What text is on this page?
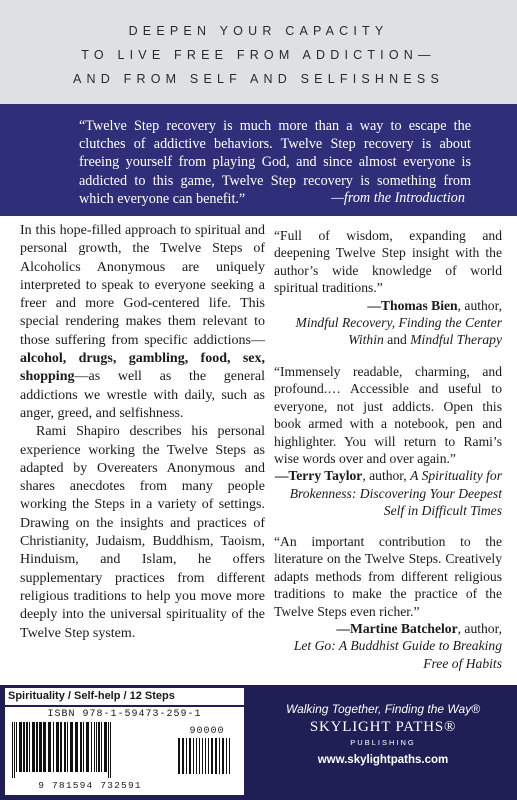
DEEPEN YOUR CAPACITY
TO LIVE FREE FROM ADDICTION—
AND FROM SELF AND SELFISHNESS

“Twelve Step recovery is much more than a way to escape the clutches of addictive behaviors. Twelve Step recovery is about freeing yourself from playing God, and since almost everyone is addicted to this game, Twelve Step recovery is something from which everyone can benefit.”	—from the Introduction

In this hope-filled approach to spiritual and personal growth, the Twelve Steps of Alcoholics Anonymous are uniquely interpreted to speak to everyone seeking a freer and more God-centered life. This special rendering makes them relevant to those suffering from specific addictions—alcohol, drugs, gambling, food, sex, shopping—as well as the general addictions we wrestle with daily, such as anger, greed, and selfishness.

Rami Shapiro describes his personal experience working the Twelve Steps as adapted by Overeaters Anonymous and shares anecdotes from many people working the Steps in a variety of settings. Drawing on the insights and practices of Christianity, Judaism, Buddhism, Taoism, Hinduism, and Islam, he offers supplementary practices from different religious traditions to help you move more deeply into the universal spirituality of the Twelve Step system.

“Full of wisdom, expanding and deepening Twelve Step insight with the author’s wide knowledge of world spiritual traditions.”

—Thomas Bien, author,
Mindful Recovery, Finding the Center Within and Mindful Therapy

“Immensely readable, charming, and profound.… Accessible and useful to everyone, not just addicts. Open this book armed with a notebook, pen and highlighter. You will return to Rami’s wise words over and over again.”

—Terry Taylor, author, A Spirituality for Brokenness: Discovering Your Deepest Self in Difficult Times

“An important contribution to the literature on the Twelve Steps. Creatively adapts methods from different religious traditions to make the practice of the Twelve Steps even richer.”

—Martine Batchelor, author,
Let Go: A Buddhist Guide to Breaking Free of Habits

Spirituality / Self-help / 12 Steps
ISBN 978-1-59473-259-1
90000
9 781594 732591
Walking Together, Finding the Way®
SKYLIGHT PATHS®
PUBLISHING
www.skylightpaths.com
